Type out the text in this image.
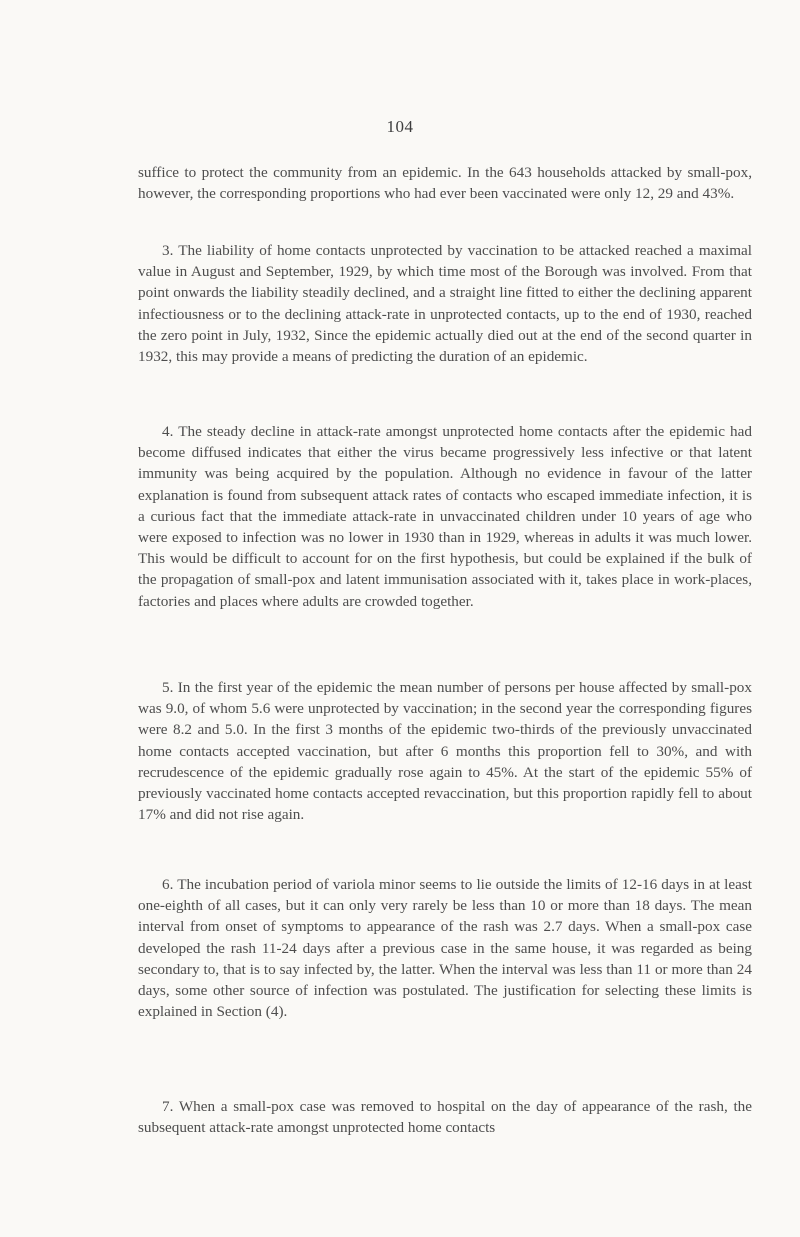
104

suffice to protect the community from an epidemic. In the 643 households attacked by small-pox, however, the corresponding proportions who had ever been vaccinated were only 12, 29 and 43%.

3. The liability of home contacts unprotected by vaccination to be attacked reached a maximal value in August and September, 1929, by which time most of the Borough was involved. From that point onwards the liability steadily declined, and a straight line fitted to either the declining apparent infectiousness or to the declining attack-rate in unprotected contacts, up to the end of 1930, reached the zero point in July, 1932, Since the epidemic actually died out at the end of the second quarter in 1932, this may provide a means of predicting the duration of an epidemic.

4. The steady decline in attack-rate amongst unprotected home contacts after the epidemic had become diffused indicates that either the virus became progressively less infective or that latent immunity was being acquired by the population. Although no evidence in favour of the latter explanation is found from subsequent attack rates of contacts who escaped immediate infection, it is a curious fact that the immediate attack-rate in unvaccinated children under 10 years of age who were exposed to infection was no lower in 1930 than in 1929, whereas in adults it was much lower. This would be difficult to account for on the first hypothesis, but could be explained if the bulk of the propagation of small-pox and latent immunisation associated with it, takes place in work-places, factories and places where adults are crowded together.

5. In the first year of the epidemic the mean number of persons per house affected by small-pox was 9.0, of whom 5.6 were unprotected by vaccination; in the second year the corresponding figures were 8.2 and 5.0. In the first 3 months of the epidemic two-thirds of the previously unvaccinated home contacts accepted vaccination, but after 6 months this proportion fell to 30%, and with recrudescence of the epidemic gradually rose again to 45%. At the start of the epidemic 55% of previously vaccinated home contacts accepted revaccination, but this proportion rapidly fell to about 17% and did not rise again.

6. The incubation period of variola minor seems to lie outside the limits of 12-16 days in at least one-eighth of all cases, but it can only very rarely be less than 10 or more than 18 days. The mean interval from onset of symptoms to appearance of the rash was 2.7 days. When a small-pox case developed the rash 11-24 days after a previous case in the same house, it was regarded as being secondary to, that is to say infected by, the latter. When the interval was less than 11 or more than 24 days, some other source of infection was postulated. The justification for selecting these limits is explained in Section (4).

7. When a small-pox case was removed to hospital on the day of appearance of the rash, the subsequent attack-rate amongst unprotected home contacts
